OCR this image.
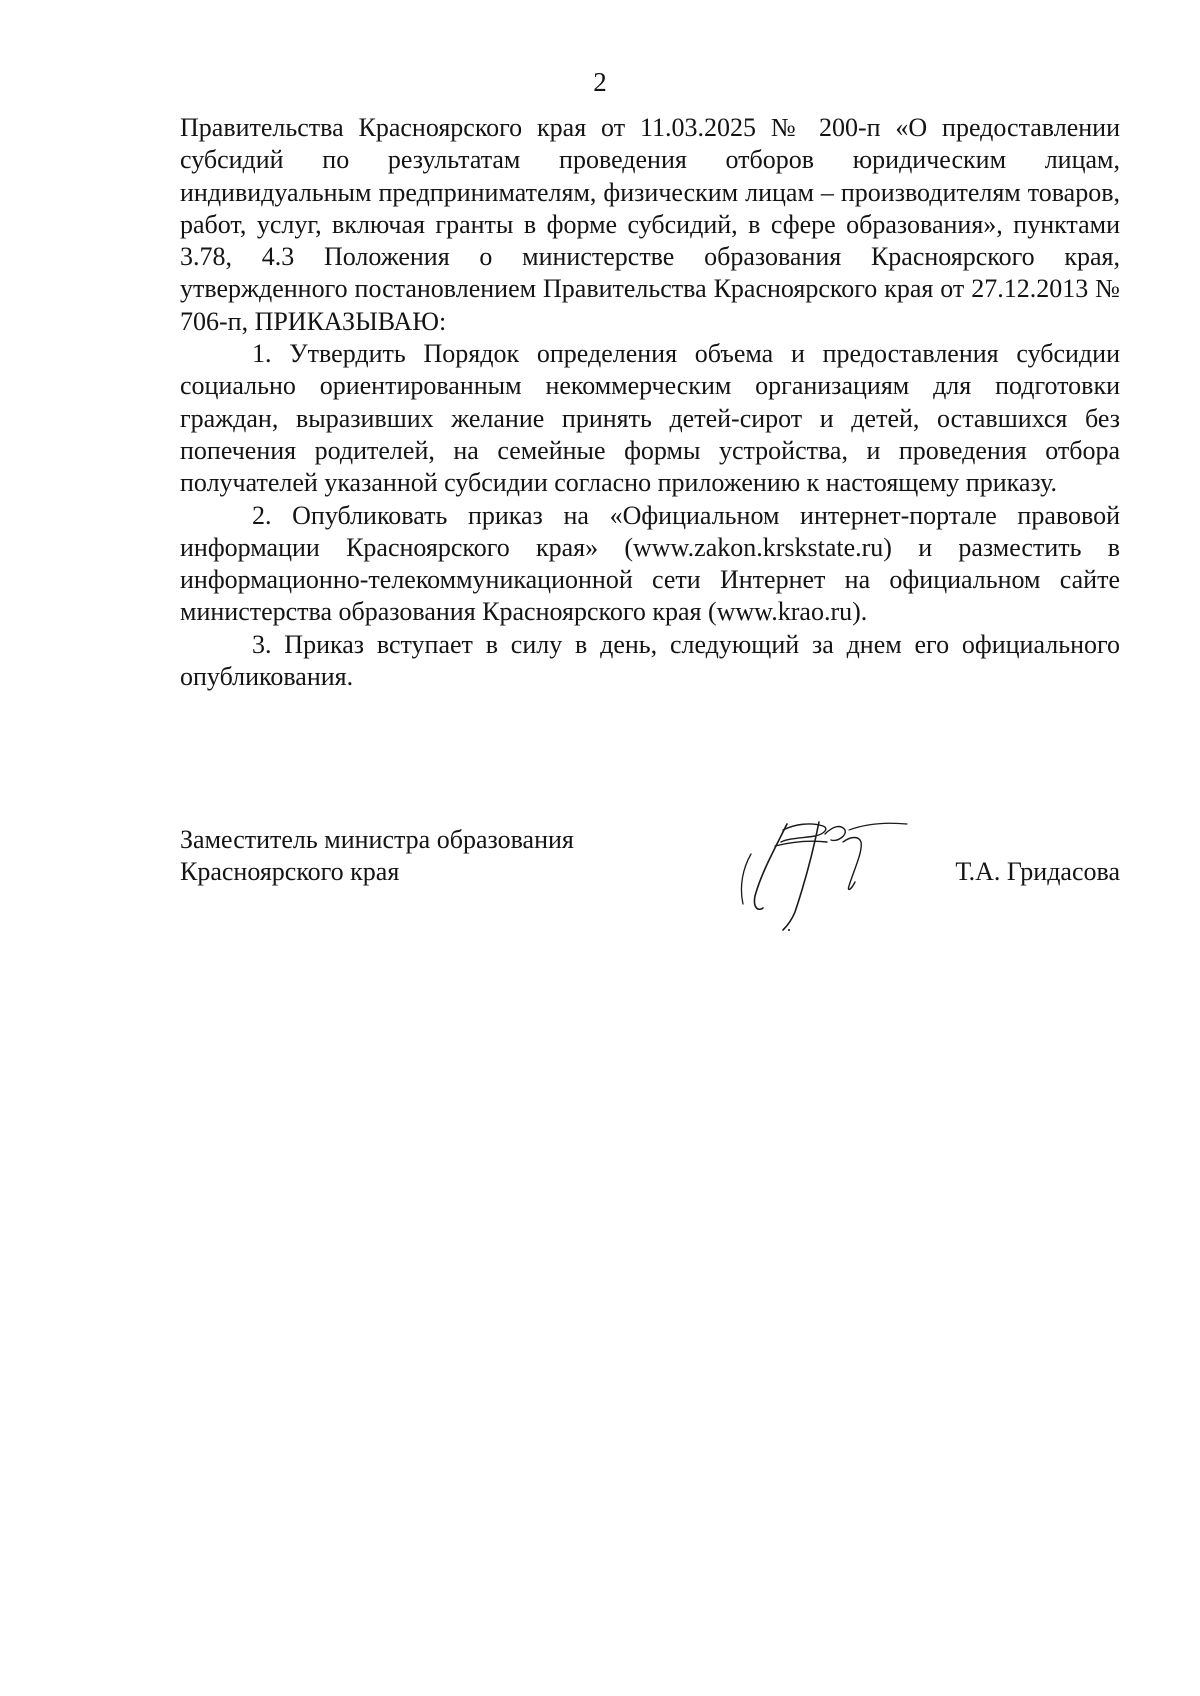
2

Правительства Красноярского края от 11.03.2025 № 200-п «О предоставлении субсидий по результатам проведения отборов юридическим лицам, индивидуальным предпринимателям, физическим лицам – производителям товаров, работ, услуг, включая гранты в форме субсидий, в сфере образования», пунктами 3.78, 4.3 Положения о министерстве образования Красноярского края, утвержденного постановлением Правительства Красноярского края от 27.12.2013 № 706-п, ПРИКАЗЫВАЮ:

1. Утвердить Порядок определения объема и предоставления субсидии социально ориентированным некоммерческим организациям для подготовки граждан, выразивших желание принять детей-сирот и детей, оставшихся без попечения родителей, на семейные формы устройства, и проведения отбора получателей указанной субсидии согласно приложению к настоящему приказу.

2. Опубликовать приказ на «Официальном интернет-портале правовой информации Красноярского края» (www.zakon.krskstate.ru) и разместить в информационно-телекоммуникационной сети Интернет на официальном сайте министерства образования Красноярского края (www.krao.ru).

3. Приказ вступает в силу в день, следующий за днем его официального опубликования.

Заместитель министра образования
Красноярского края	Т.А. Гридасова
